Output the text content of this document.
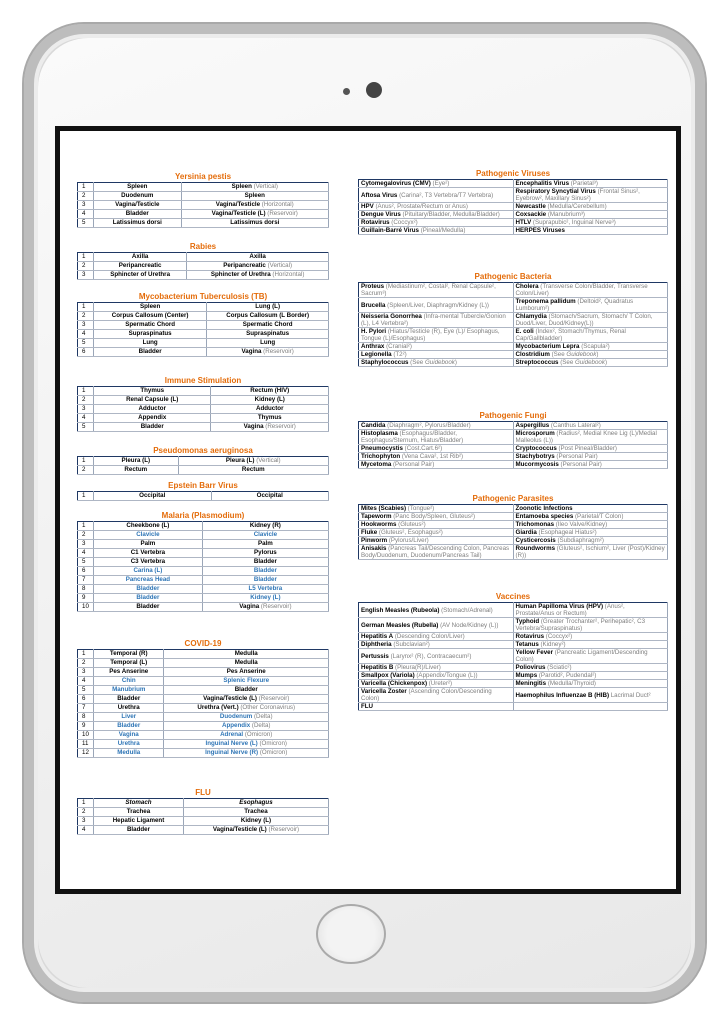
Yersinia pestis
1	Spleen	Spleen (Vertical)
2	Duodenum	Spleen
3	Vagina/Testicle	Vagina/Testicle (Horizontal)
4	Bladder	Vagina/Testicle (L) (Reservoir)
5	Latissimus dorsi	Latissimus dorsi
Rabies
1	Axilla	Axilla
2	Peripancreatic	Peripancreatic (Vertical)
3	Sphincter of Urethra	Sphincter of Urethra (Horizontal)
Mycobacterium Tuberculosis (TB)
1	Spleen	Lung (L)
2	Corpus Callosum (Center)	Corpus Callosum (L Border)
3	Spermatic Chord	Spermatic Chord
4	Supraspinatus	Supraspinatus
5	Lung	Lung
6	Bladder	Vagina (Reservoir)
Immune Stimulation
1	Thymus	Rectum (HIV)
2	Renal Capsule (L)	Kidney (L)
3	Adductor	Adductor
4	Appendix	Thymus
5	Bladder	Vagina (Reservoir)
Pseudomonas aeruginosa
1	Pleura (L)	Pleura (L) (Vertical)
2	Rectum	Rectum
Epstein Barr Virus
1	Occipital	Occipital
Malaria (Plasmodium)
1	Cheekbone (L)	Kidney (R)
2	Clavicle	Clavicle
3	Palm	Palm
4	C1 Vertebra	Pylorus
5	C3 Vertebra	Bladder
6	Carina (L)	Bladder
7	Pancreas Head	Bladder
8	Bladder	L5 Vertebra
9	Bladder	Kidney (L)
10	Bladder	Vagina (Reservoir)
COVID-19
1	Temporal (R)	Medulla
2	Temporal (L)	Medulla
3	Pes Anserine	Pes Anserine
4	Chin	Splenic Flexure
5	Manubrium	Bladder
6	Bladder	Vagina/Testicle (L) (Reservoir)
7	Urethra	Urethra (Vert.) (Other Coronavirus)
8	Liver	Duodenum (Delta)
9	Bladder	Appendix (Delta)
10	Vagina	Adrenal (Omicron)
11	Urethra	Inguinal Nerve (L) (Omicron)
12	Medulla	Inguinal Nerve (R) (Omicron)
FLU
1	Stomach	Esophagus
2	Trachea	Trachea
3	Hepatic Ligament	Kidney (L)
4	Bladder	Vagina/Testicle (L) (Reservoir)
Pathogenic Viruses
Cytomegalovirus (CMV) (Eye²)	Encephalitis Virus (Parietal³)
Aftosa Virus (Carina², T3 Vertebra/T7 Vertebra)	Respiratory Syncytial Virus (Frontal Sinus², Eyebrow², Maxillary Sinus²)
HPV (Anus², Prostate/Rectum or Anus)	Newcastle (Medulla/Cerebellum)
Dengue Virus (Pituitary/Bladder, Medulla/Bladder)	Coxsackie (Manubrium³)
Rotavirus (Coccyx²)	HTLV (Suprapubic², Inguinal Nerve³)
Guillain-Barré Virus (Pineal/Medulla)	HERPES Viruses
Pathogenic Bacteria
Proteus (Mediastinum², Costal², Renal Capsule², Sacrum³)	Cholera (Transverse Colon/Bladder, Transverse Colon/Liver)
Brucella (Spleen/Liver, Diaphragm/Kidney (L))	Treponema pallidum (Deltoid², Quadratus Lumborum²)
Neisseria Gonorrhea (Infra-mental Tubercle/Gonion (L), L4 Vertebra²)	Chlamydia (Stomach/Sacrum, Stomach/ T Colon, Duod/Liver, Duod/Kidney(L))
H. Pylori (Hiatus/Testicle (R), Eye (L)/ Esophagus, Tongue (L)/Esophagus)	E. coli (Index², Stomach/Thymus, Renal Cap/Gallbladder)
Anthrax (Cranial²)	Mycobacterium Lepra (Scapula²)
Legionella (T2²)	Clostridium (See Guidebook)
Staphylococcus (See Guidebook)	Streptococcus (See Guidebook)
Pathogenic Fungi
Candida (Diaphragm², Pylorus/Bladder)	Aspergillus (Canthus Lateral²)
Histoplasma (Esophagus/Bladder, Esophagus/Sternum, Hiatus/Bladder)	Microsporum (Radius², Medial Knee Lig (L)/Medial Malleolus (L))
Pneumocystis (Cost.Cart.6²)	Cryptococcus (Post Pineal/Bladder)
Trichophyton (Vena Cava², 1st Rib²)	Stachybotrys (Personal Pair)
Mycetoma (Personal Pair)	Mucormycosis (Personal Pair)
Pathogenic Parasites
Mites (Scabies) (Tongue²)	Zoonotic Infections
Tapeworm (Panc Body/Spleen, Gluteus²)	Entamoeba species (Parietal/T Colon)
Hookworms (Gluteus²)	Trichomonas (Ileo Valve/Kidney)
Fluke (Gluteus², Esophagus²)	Giardia (Esophageal Hiatus²)
Pinworm (Pylorus/Liver)	Cysticercosis (Subdiaphragm²)
Anisakis (Pancreas Tail/Descending Colon, Pancreas Body/Duodenum, Duodenum/Pancreas Tail)	Roundworms (Gluteus², Ischium², Liver (Post)/Kidney (R))
Vaccines
English Measles (Rubeola) (Stomach/Adrenal)	Human Papilloma Virus (HPV) (Anus², Prostate/Anus or Rectum)
German Measles (Rubella) (AV Node/Kidney (L))	Typhoid (Greater Trochanter², Perihepatic², C3 Vertebra/Supraspinatus)
Hepatitis A (Descending Colon/Liver)	Rotavirus (Coccyx²)
Diphtheria (Subclavian²)	Tetanus (Kidney²)
Pertussis (Larynx² (R), Contracaecum²)	Yellow Fever (Pancreatic Ligament/Descending Colon)
Hepatitis B (Pleura(R)/Liver)	Poliovirus (Sciatic²)
Smallpox (Variola) (Appendix/Tongue (L))	Mumps (Parotid², Pudendal²)
Varicella (Chickenpox) (Ureter²)	Meningitis (Medulla/Thyroid)
Varicella Zoster (Ascending Colon/Descending Colon)	Haemophilus Influenzae B (HIB) Lacrimal Duct²
FLU	
